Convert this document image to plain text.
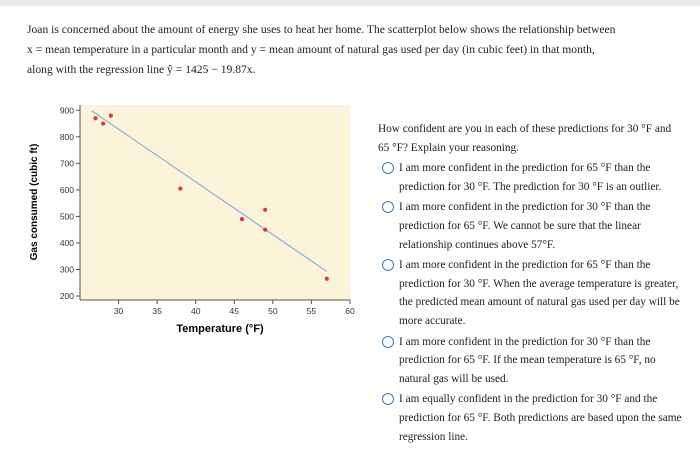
Joan is concerned about the amount of energy she uses to heat her home. The scatterplot below shows the relationship between

x = mean temperature in a particular month and y = mean amount of natural gas used per day (in cubic feet) in that month,

along with the regression line ŷ = 1425 − 19.87x.

200
300
400
500
600
700
800
900
30	35	40	45	50	55	60
Temperature (°F)
Gas consumed (cubic ft)

How confident are you in each of these predictions for 30 °F and 65 °F? Explain your reasoning.

I am more confident in the prediction for 65 °F than the prediction for 30 °F. The prediction for 30 °F is an outlier.
I am more confident in the prediction for 30 °F than the prediction for 65 °F. We cannot be sure that the linear relationship continues above 57°F.
I am more confident in the prediction for 65 °F than the prediction for 30 °F. When the average temperature is greater, the predicted mean amount of natural gas used per day will be more accurate.
I am more confident in the prediction for 30 °F than the prediction for 65 °F. If the mean temperature is 65 °F, no natural gas will be used.
I am equally confident in the prediction for 30 °F and the prediction for 65 °F. Both predictions are based upon the same regression line.
